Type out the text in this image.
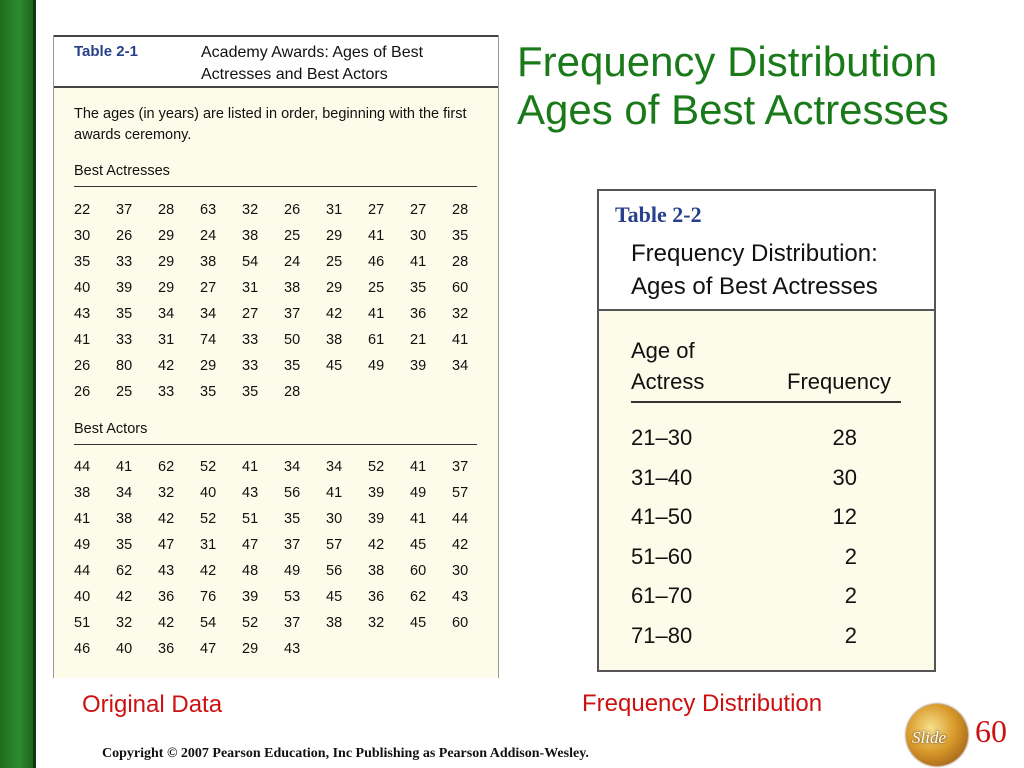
Table 2-1	Academy Awards: Ages of Best Actresses and Best Actors
The ages (in years) are listed in order, beginning with the first awards ceremony.
Best Actresses
22	37	28	63	32	26	31	27	27	28
30	26	29	24	38	25	29	41	30	35
35	33	29	38	54	24	25	46	41	28
40	39	29	27	31	38	29	25	35	60
43	35	34	34	27	37	42	41	36	32
41	33	31	74	33	50	38	61	21	41
26	80	42	29	33	35	45	49	39	34
26	25	33	35	35	28
Best Actors
44	41	62	52	41	34	34	52	41	37
38	34	32	40	43	56	41	39	49	57
41	38	42	52	51	35	30	39	41	44
49	35	47	31	47	37	57	42	45	42
44	62	43	42	48	49	56	38	60	30
40	42	36	76	39	53	45	36	62	43
51	32	42	54	52	37	38	32	45	60
46	40	36	47	29	43
Frequency Distribution
Ages of Best Actresses
Table 2-2
Frequency Distribution:
Ages of Best Actresses
Age of
Actress	Frequency
21–30	28
31–40	30
41–50	12
51–60	2
61–70	2
71–80	2
Original Data	Frequency Distribution
Copyright © 2007 Pearson Education, Inc Publishing as Pearson Addison-Wesley.
Slide 60
